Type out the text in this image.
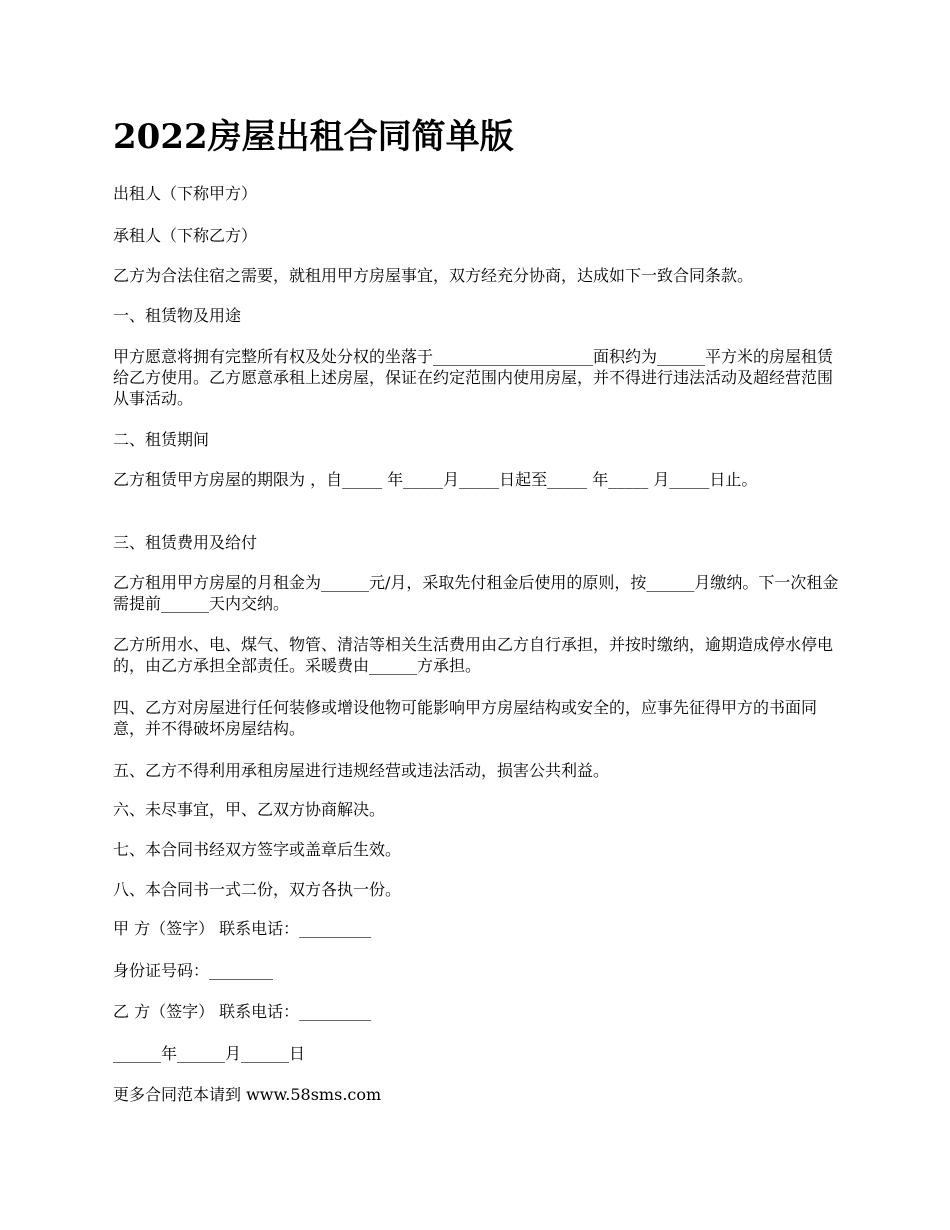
2022房屋出租合同简单版

出租人（下称甲方）

承租人（下称乙方）

乙方为合法住宿之需要，就租用甲方房屋事宜，双方经充分协商，达成如下一致合同条款。

一、租赁物及用途

甲方愿意将拥有完整所有权及处分权的坐落于____________________面积约为______平方米的房屋租赁给乙方使用。乙方愿意承租上述房屋，保证在约定范围内使用房屋，并不得进行违法活动及超经营范围从事活动。

二、租赁期间

乙方租赁甲方房屋的期限为 ，自_____ 年_____月_____日起至_____ 年_____ 月_____日止。

三、租赁费用及给付

乙方租用甲方房屋的月租金为______元/月，采取先付租金后使用的原则，按______月缴纳。下一次租金需提前______天内交纳。

乙方所用水、电、煤气、物管、清洁等相关生活费用由乙方自行承担，并按时缴纳，逾期造成停水停电的，由乙方承担全部责任。采暖费由______方承担。

四、乙方对房屋进行任何装修或增设他物可能影响甲方房屋结构或安全的，应事先征得甲方的书面同意，并不得破坏房屋结构。

五、乙方不得利用承租房屋进行违规经营或违法活动，损害公共利益。

六、未尽事宜，甲、乙双方协商解决。

七、本合同书经双方签字或盖章后生效。

八、本合同书一式二份，双方各执一份。

甲 方（签字） 联系电话：_________

身份证号码：________

乙 方（签字） 联系电话：_________

______年______月______日

更多合同范本请到 www.58sms.com
